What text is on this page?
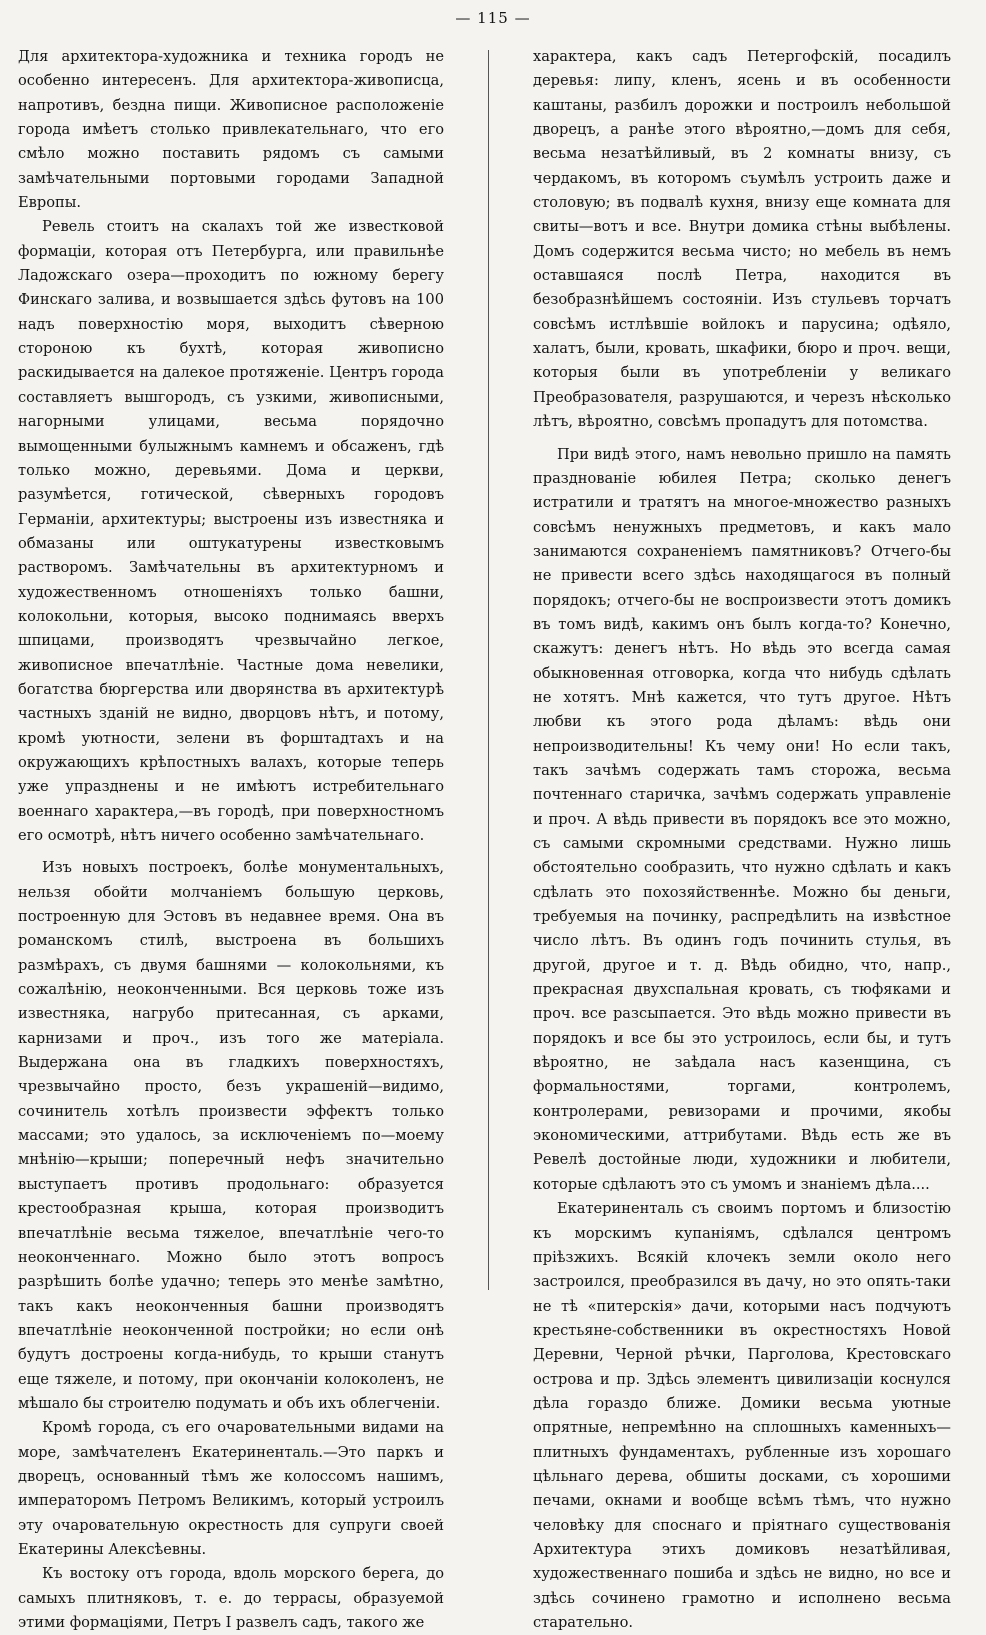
— 115 —

Для архитектора-художника и техника городъ не особенно интересенъ. Для архитектора-живописца, напротивъ, бездна пищи. Живописное расположеніе города имѣетъ столько привлекательнаго, что его смѣло можно поставить рядомъ съ самыми замѣчательными портовыми городами Западной Европы.

Ревель стоитъ на скалахъ той же известковой формаціи, которая отъ Петербурга, или правильнѣе Ладожскаго озера—проходитъ по южному берегу Финскаго залива, и возвышается здѣсь футовъ на 100 надъ поверхностію моря, выходитъ сѣверною стороною къ бухтѣ, которая живописно раскидывается на далекое протяженіе. Центръ города составляетъ вышгородъ, съ узкими, живописными, нагорными улицами, весьма порядочно вымощенными булыжнымъ камнемъ и обсаженъ, гдѣ только можно, деревьями. Дома и церкви, разумѣется, готической, сѣверныхъ городовъ Германіи, архитектуры; выстроены изъ известняка и обмазаны или оштукатурены известковымъ растворомъ. Замѣчательны въ архитектурномъ и художественномъ отношеніяхъ только башни, колокольни, которыя, высоко поднимаясь вверхъ шпицами, производятъ чрезвычайно легкое, живописное впечатлѣніе. Частные дома невелики, богатства бюргерства или дворянства въ архитектурѣ частныхъ зданій не видно, дворцовъ нѣтъ, и потому, кромѣ уютности, зелени въ форштадтахъ и на окружающихъ крѣпостныхъ валахъ, которые теперь уже упразднены и не имѣютъ истребительнаго военнаго характера,—въ городѣ, при поверхностномъ его осмотрѣ, нѣтъ ничего особенно замѣчательнаго.

Изъ новыхъ построекъ, болѣе монументальныхъ, нельзя обойти молчаніемъ большую церковь, построенную для Эстовъ въ недавнее время. Она въ романскомъ стилѣ, выстроена въ большихъ размѣрахъ, съ двумя башнями — колокольнями, къ сожалѣнію, неоконченными. Вся церковь тоже изъ известняка, нагрубо притесанная, съ арками, карнизами и проч., изъ того же матеріала. Выдержана она въ гладкихъ поверхностяхъ, чрезвычайно просто, безъ украшеній—видимо, сочинитель хотѣлъ произвести эффектъ только массами; это удалось, за исключеніемъ по—моему мнѣнію—крыши; поперечный нефъ значительно выступаетъ противъ продольнаго: образуется крестообразная крыша, которая производитъ впечатлѣніе весьма тяжелое, впечатлѣніе чего-то неоконченнаго. Можно было этотъ вопросъ разрѣшить болѣе удачно; теперь это менѣе замѣтно, такъ какъ неоконченныя башни производятъ впечатлѣніе неоконченной постройки; но если онѣ будутъ достроены когда-нибудь, то крыши станутъ еще тяжеле, и потому, при окончаніи колоколенъ, не мѣшало бы строителю подумать и объ ихъ облегченіи.

Кромѣ города, съ его очаровательными видами на море, замѣчателенъ Екатериненталь.—Это паркъ и дворецъ, основанный тѣмъ же колоссомъ нашимъ, императоромъ Петромъ Великимъ, который устроилъ эту очаровательную окрестность для супруги своей Екатерины Алексѣевны.

Къ востоку отъ города, вдоль морского берега, до самыхъ плитняковъ, т. е. до террасы, образуемой этими формаціями, Петръ I развелъ садъ, такого же

характера, какъ садъ Петергофскій, посадилъ деревья: липу, кленъ, ясень и въ особенности каштаны, разбилъ дорожки и построилъ небольшой дворецъ, а ранѣе этого вѣроятно,—домъ для себя, весьма незатѣйливый, въ 2 комнаты внизу, съ чердакомъ, въ которомъ съумѣлъ устроить даже и столовую; въ подвалѣ кухня, внизу еще комната для свиты—вотъ и все. Внутри домика стѣны выбѣлены. Домъ содержится весьма чисто; но мебель въ немъ оставшаяся послѣ Петра, находится въ безобразнѣйшемъ состояніи. Изъ стульевъ торчатъ совсѣмъ истлѣвшіе войлокъ и парусина; одѣяло, халатъ, были, кровать, шкафики, бюро и проч. вещи, которыя были въ употребленіи у великаго Преобразователя, разрушаются, и черезъ нѣсколько лѣтъ, вѣроятно, совсѣмъ пропадутъ для потомства.

При видѣ этого, намъ невольно пришло на память празднованіе юбилея Петра; сколько денегъ истратили и тратятъ на многое-множество разныхъ совсѣмъ ненужныхъ предметовъ, и какъ мало занимаются сохраненіемъ памятниковъ? Отчего-бы не привести всего здѣсь находящагося въ полный порядокъ; отчего-бы не воспроизвести этотъ домикъ въ томъ видѣ, какимъ онъ былъ когда-то? Конечно, скажутъ: денегъ нѣтъ. Но вѣдь это всегда самая обыкновенная отговорка, когда что нибудь сдѣлать не хотятъ. Мнѣ кажется, что тутъ другое. Нѣтъ любви къ этого рода дѣламъ: вѣдь они непроизводительны! Къ чему они! Но если такъ, такъ зачѣмъ содержать тамъ сторожа, весьма почтеннаго старичка, зачѣмъ содержать управленіе и проч. А вѣдь привести въ порядокъ все это можно, съ самыми скромными средствами. Нужно лишь обстоятельно сообразить, что нужно сдѣлать и какъ сдѣлать это похозяйственнѣе. Можно бы деньги, требуемыя на починку, распредѣлить на извѣстное число лѣтъ. Въ одинъ годъ починить стулья, въ другой, другое и т. д. Вѣдь обидно, что, напр., прекрасная двухспальная кровать, съ тюфяками и проч. все разсыпается. Это вѣдь можно привести въ порядокъ и все бы это устроилось, если бы, и тутъ вѣроятно, не заѣдала насъ казенщина, съ формальностями, торгами, контролемъ, контролерами, ревизорами и прочими, якобы экономическими, аттрибутами. Вѣдь есть же въ Ревелѣ достойные люди, художники и любители, которые сдѣлаютъ это съ умомъ и знаніемъ дѣла....

Екатериненталь съ своимъ портомъ и близостію къ морскимъ купаніямъ, сдѣлался центромъ пріѣзжихъ. Всякій клочекъ земли около него застроился, преобразился въ дачу, но это опять-таки не тѣ «питерскія» дачи, которыми насъ подчуютъ крестьяне-собственники въ окрестностяхъ Новой Деревни, Черной рѣчки, Парголова, Крестовскаго острова и пр. Здѣсь элементъ цивилизаціи коснулся дѣла гораздо ближе. Домики весьма уютные опрятные, непремѣнно на сплошныхъ каменныхъ—плитныхъ фундаментахъ, рубленные изъ хорошаго цѣльнаго дерева, обшиты досками, съ хорошими печами, окнами и вообще всѣмъ тѣмъ, что нужно человѣку для споснаго и пріятнаго существованія Архитектура этихъ домиковъ незатѣйливая, художественнаго пошиба и здѣсь не видно, но все и здѣсь сочинено грамотно и исполнено весьма старательно.
